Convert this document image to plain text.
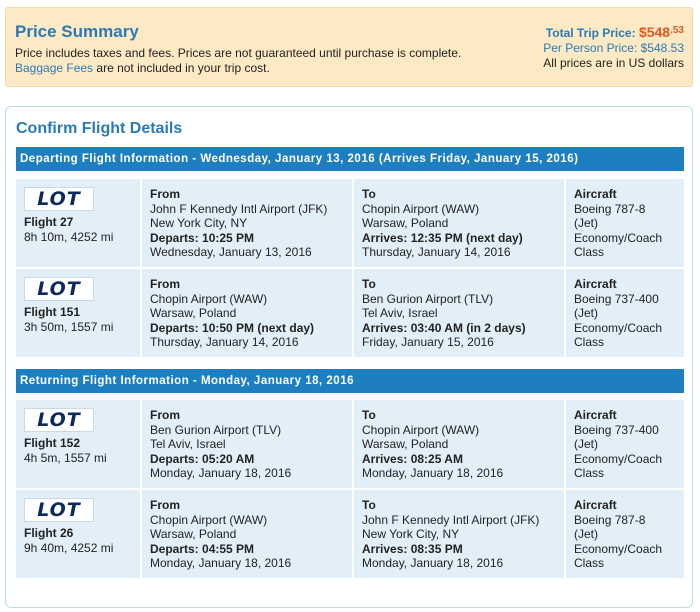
Price Summary
Price includes taxes and fees. Prices are not guaranteed until purchase is complete.
Baggage Fees are not included in your trip cost.
Total Trip Price: $\$548^{.53}$
Per Person Price: $548.53
All prices are in US dollars
Confirm Flight Details
Departing Flight Information - Wednesday, January 13, 2016 (Arrives Friday, January 15, 2016)
LOT
Flight 27
8h 10m, 4252 mi
From
John F Kennedy Intl Airport (JFK)
New York City, NY
Departs: 10:25 PM
Wednesday, January 13, 2016
To
Chopin Airport (WAW)
Warsaw, Poland
Arrives: 12:35 PM (next day)
Thursday, January 14, 2016
Aircraft
Boeing 787-8
(Jet)
Economy/Coach
Class
LOT
Flight 151
3h 50m, 1557 mi
From
Chopin Airport (WAW)
Warsaw, Poland
Departs: 10:50 PM (next day)
Thursday, January 14, 2016
To
Ben Gurion Airport (TLV)
Tel Aviv, Israel
Arrives: 03:40 AM (in 2 days)
Friday, January 15, 2016
Aircraft
Boeing 737-400
(Jet)
Economy/Coach
Class
Returning Flight Information - Monday, January 18, 2016
LOT
Flight 152
4h 5m, 1557 mi
From
Ben Gurion Airport (TLV)
Tel Aviv, Israel
Departs: 05:20 AM
Monday, January 18, 2016
To
Chopin Airport (WAW)
Warsaw, Poland
Arrives: 08:25 AM
Monday, January 18, 2016
Aircraft
Boeing 737-400
(Jet)
Economy/Coach
Class
LOT
Flight 26
9h 40m, 4252 mi
From
Chopin Airport (WAW)
Warsaw, Poland
Departs: 04:55 PM
Monday, January 18, 2016
To
John F Kennedy Intl Airport (JFK)
New York City, NY
Arrives: 08:35 PM
Monday, January 18, 2016
Aircraft
Boeing 787-8
(Jet)
Economy/Coach
Class
